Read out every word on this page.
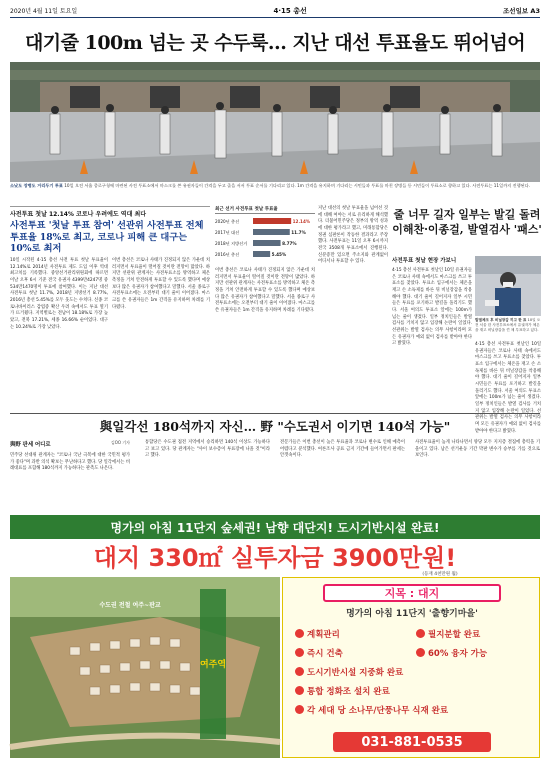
2020년 4월 11일 토요일	4·15 총선	조선일보 A3
대기줄 100m 넘는 곳 수두룩… 지난 대선 투표율도 뛰어넘어
소낮도 장병도 거리두기 투표 10일 오전 서울 종로구청에 마련된 사전 투표소에서 마스크를 쓴 유권자들이 간격을 두고 줄을 서서 투표 순서를 기다리고 있다. 1m 간격을 유지하며 기다리는 시민들과 투표를 마친 장병들 등 시민들이 투표소로 향하고 있다. 사전투표는 11일까지 진행된다.
사전투표 첫날 12.14% 코로나 우려에도 역대 최다
사전투표 '첫날 투표 참여' 선관위 사전투표 전체 투표율 18%로 최고, 코로나 피해 큰 대구는 10%로 최저
10일 시작된 4·15 총선 사전 투표 첫날 투표율이 12.14%로 2014년 사전투표 제도 도입 이후 역대 최고치를 기록했다. 중앙선거관리위원회에 따르면 이날 오후 6시 기준 전국 유권자 4399만4247명 중 534만1470명이 투표에 참여했다. 이는 지난 대선 사전투표 첫날 11.7%, 2018년 지방선거 8.77%, 2016년 총선 5.45%를 모두 웃도는 수치다. 신종 코로나바이러스 감염증 확산 우려 속에서도 투표 열기가 뜨거웠다. 지역별로는 전남이 18.18%로 가장 높았고, 전북 17.21%, 세종 16.66% 순이었다. 대구는 10.24%로 가장 낮았다.
이번 총선은 코로나 사태가 진정되지 않은 가운데 치러지면서 투표율이 떨어질 것이란 전망이 많았다. 하지만 선관위 관계자는 사전투표소를 방역하고 체온 측정을 거쳐 안전하게 투표할 수 있도록 했다며 예상보다 많은 유권자가 참여했다고 말했다. 서울 종로구 사전투표소에는 오전부터 대기 줄이 이어졌다. 마스크를 쓴 유권자들은 1m 간격을 유지하며 차례를 기다렸다.
이번 총선은 코로나 사태가 진정되지 않은 가운데 치러지면서 투표율이 떨어질 것이란 전망이 많았다. 하지만 선관위 관계자는 사전투표소를 방역하고 체온 측정을 거쳐 안전하게 투표할 수 있도록 했다며 예상보다 많은 유권자가 참여했다고 말했다. 서울 종로구 사전투표소에는 오전부터 대기 줄이 이어졌다. 마스크를 쓴 유권자들은 1m 간격을 유지하며 차례를 기다렸다.
지난 대선의 첫날 투표율을 넘어선 것에 대해 여야는 서로 유리하게 해석했다. 더불어민주당은 정부의 방역 성과에 대한 평가라고 했고, 미래통합당은 정권 심판론이 작동한 결과라고 주장했다. 사전투표는 11일 오후 6시까지 전국 3508개 투표소에서 진행된다. 신분증만 있으면 주소지와 관계없이 어디서나 투표할 수 있다.
최근 선거 사전투표 첫날 투표율
2020년 총선	12.14%
2017년 대선	11.7%
2018년 지방선거	8.77%
2016년 총선	5.45%
줄 너무 길자 일부는 발길 돌려 이해찬·이종걸, 발열검사 '패스'
사전투표 첫날 현장 가보니
4·15 총선 사전투표 첫날인 10일 유권자들은 코로나 사태 속에서도 마스크를 쓰고 투표소를 찾았다. 투표소 입구에서는 체온을 재고 손 소독제를 바른 뒤 비닐장갑을 착용해야 했다. 대기 줄이 길어지자 일부 시민들은 투표를 포기하고 발길을 돌리기도 했다. 서울 여의도 투표소 앞에는 100m가 넘는 줄이 생겼다. 일부 정치인들은 발열 검사를 거치지 않고 입장해 논란이 일었다. 선관위는 발열 검사는 의무 사항이라며 모든 유권자가 예외 없이 검사를 받아야 한다고 밝혔다.
발열체크 후 비닐장갑 끼고 한 표 10일 오전 서울 한 사전투표소에서 유권자가 체온을 재고 비닐장갑을 낀 채 투표하고 있다.
4·15 총선 사전투표 첫날인 10일 유권자들은 코로나 사태 속에서도 마스크를 쓰고 투표소를 찾았다. 투표소 입구에서는 체온을 재고 손 소독제를 바른 뒤 비닐장갑을 착용해야 했다. 대기 줄이 길어지자 일부 시민들은 투표를 포기하고 발길을 돌리기도 했다. 서울 여의도 투표소 앞에는 100m가 넘는 줄이 생겼다. 일부 정치인들은 발열 검사를 거치지 않고 입장해 논란이 일었다. 선관위는 발열 검사는 의무 사항이라며 모든 유권자가 예외 없이 검사를 받아야 한다고 밝혔다.
與일각선 180석까지 자신… 野 "수도권서 이기면 140석 가능"
與野 판세 어디로	김OO 기자
민주당 선대위 관계자는 "코로나 국난 극복에 대한 국민적 평가가 좋다"며 과반 의석 확보는 무난하다고 했다. 당 일각에서는 비례대표를 포함해 180석까지 가능하다는 관측도 나온다.
통합당은 수도권 접전 지역에서 승리하면 140석 이상도 가능하다고 보고 있다. 당 관계자는 "샤이 보수층이 투표장에 나올 것"이라고 했다.
전문가들은 이번 총선이 높은 투표율과 코로나 변수로 인해 예측이 어렵다고 분석했다. 여론조사 공표 금지 기간에 들어가면서 판세는 안갯속이다.
사전투표율이 높게 나타나면서 양당 모두 지지층 결집에 총력을 기울이고 있다. 남은 선거운동 기간 막판 변수가 승부를 가를 것으로 보인다.
명가의 아침 11단지 숲세권! 남향 대단지! 도시기반시설 완료!
대지 330㎡ 실투자금 3900만원!
(등재 4천만원 월)
여주역
수도권 전철 여주~판교
지목 : 대지
명가의 아침 11단지 '출향기마을'
계획관리	필지분할 완료
즉시 건축	60% 융자 가능
도시기반시설 지중화 완료
통합 정화조 설치 완료
각 세대 당 소나무/단풍나무 식재 완료
031-881-0535
